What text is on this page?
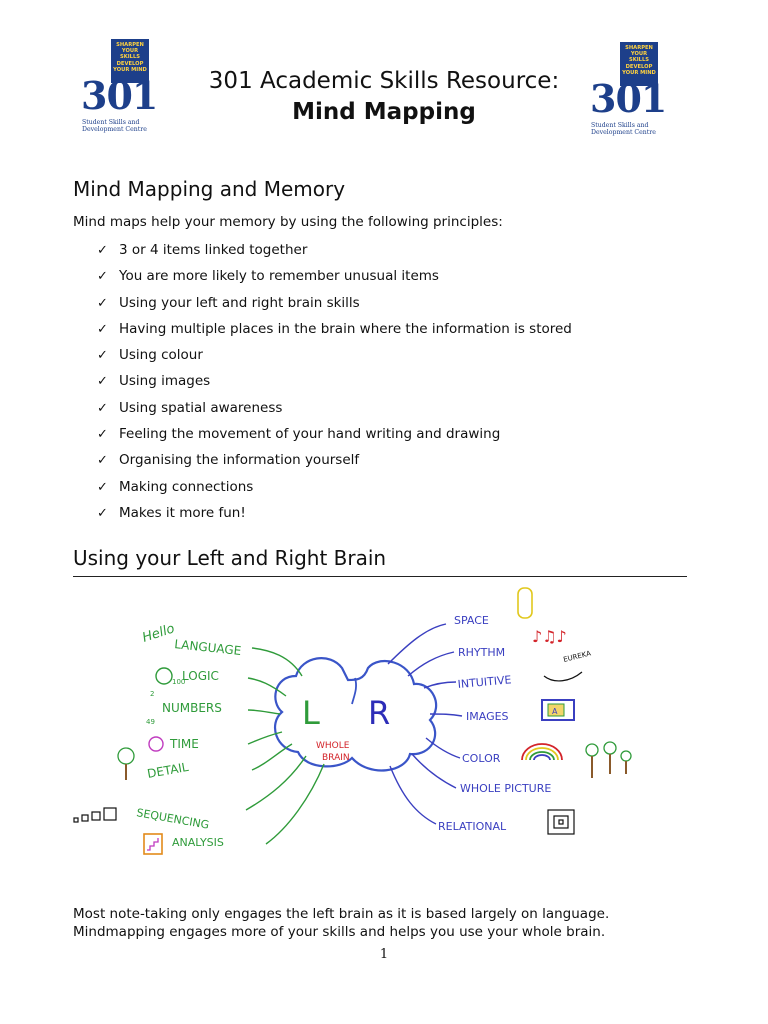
SHARPEN
YOUR SKILLS
DEVELOP
YOUR MIND
301
Student Skills and
Development Centre
SHARPEN
YOUR SKILLS
DEVELOP
YOUR MIND
301
Student Skills and
Development Centre
301 Academic Skills Resource:
Mind Mapping
Mind Mapping and Memory
Mind maps help your memory by using the following principles:
✓ 3 or 4 items linked together
✓ You are more likely to remember unusual items
✓ Using your left and right brain skills
✓ Having multiple places in the brain where the information is stored
✓ Using colour
✓ Using images
✓ Using spatial awareness
✓ Feeling the movement of your hand writing and drawing
✓ Organising the information yourself
✓ Making connections
✓ Makes it more fun!
Using your Left and Right Brain
L R
WHOLE
BRAIN
Hello
LANGUAGE
LOGIC
NUMBERS
TIME
DETAIL
SEQUENCING
ANALYSIS
2
100
49
SPACE
RHYTHM
INTUITIVE
IMAGES
COLOR
WHOLE PICTURE
RELATIONAL
♪♫♪
EUREKA
A
Most note-taking only engages the left brain as it is based largely on language.
Mindmapping engages more of your skills and helps you use your whole brain.
1
